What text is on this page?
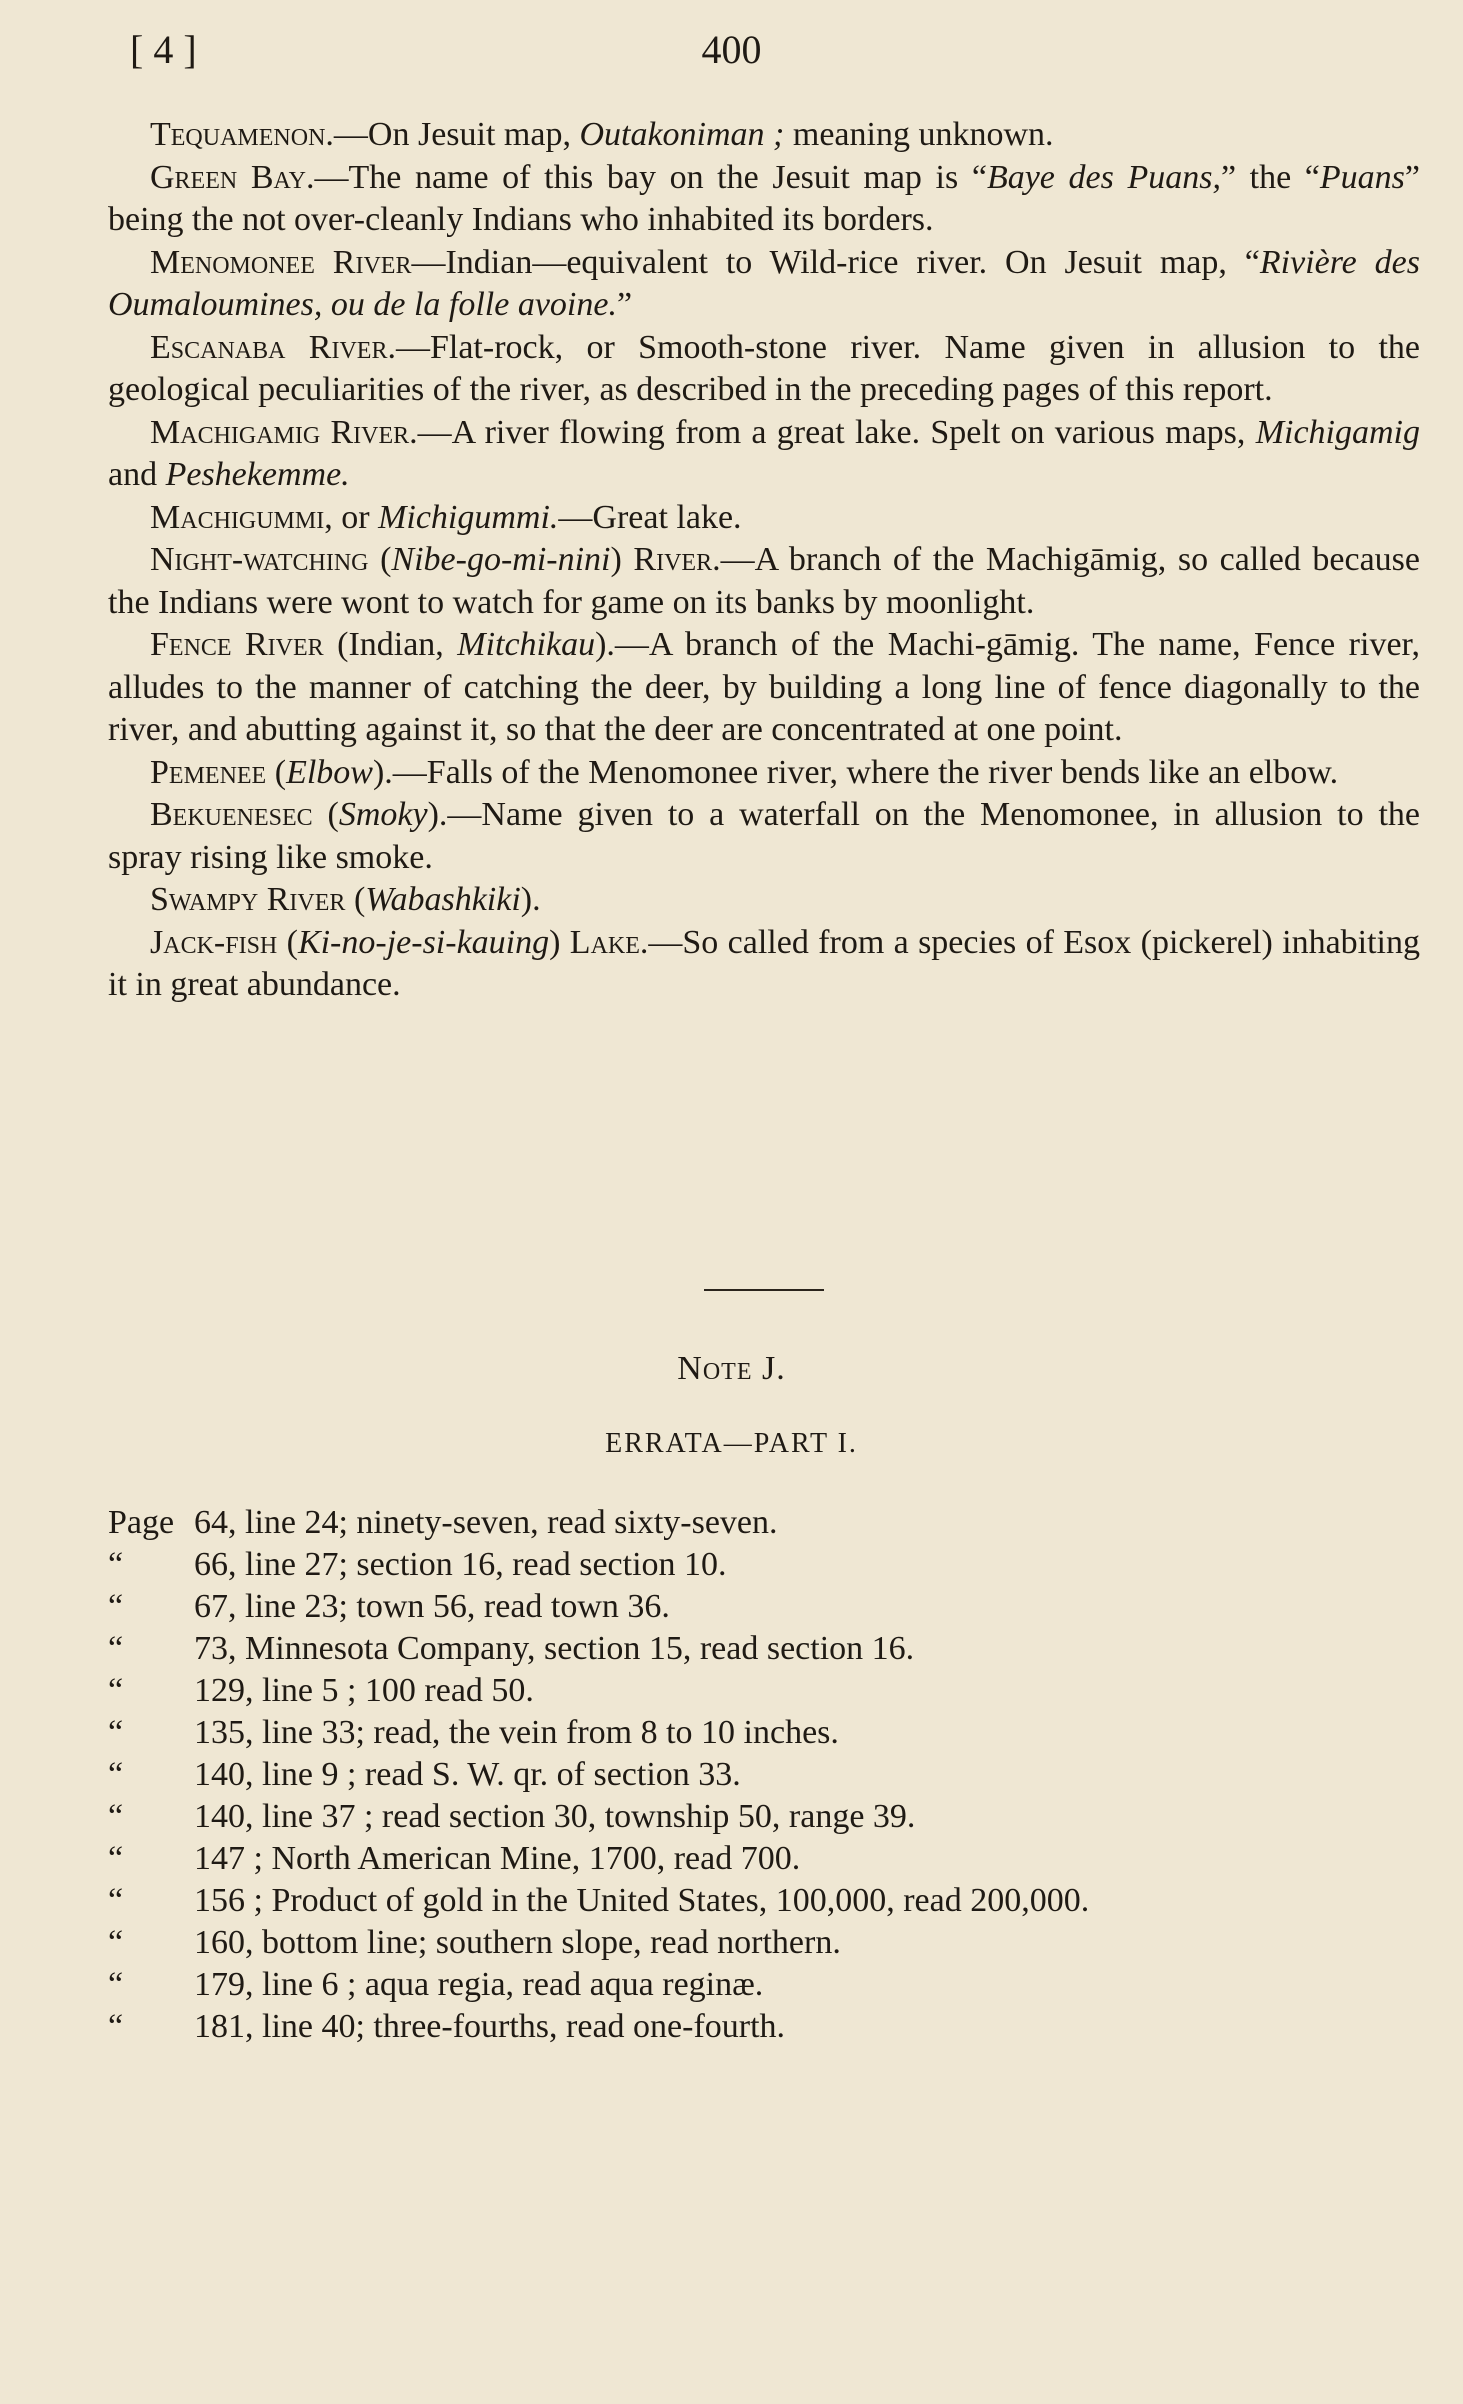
[ 4 ]	400

Tequamenon.—On Jesuit map, Outakoniman ; meaning unknown.

Green Bay.—The name of this bay on the Jesuit map is “Baye des Puans,” the “Puans” being the not over-cleanly Indians who inhabited its borders.

Menomonee River—Indian—equivalent to Wild-rice river. On Jesuit map, “Rivière des Oumaloumines, ou de la folle avoine.”

Escanaba River.—Flat-rock, or Smooth-stone river. Name given in allusion to the geological peculiarities of the river, as described in the preceding pages of this report.

Machigamig River.—A river flowing from a great lake. Spelt on various maps, Michigamig and Peshekemme.

Machigummi, or Michigummi.—Great lake.

Night-watching (Nibe-go-mi-nini) River.—A branch of the Machigāmig, so called because the Indians were wont to watch for game on its banks by moonlight.

Fence River (Indian, Mitchikau).—A branch of the Machi-gāmig. The name, Fence river, alludes to the manner of catching the deer, by building a long line of fence diagonally to the river, and abutting against it, so that the deer are concentrated at one point.

Pemenee (Elbow).—Falls of the Menomonee river, where the river bends like an elbow.

Bekuenesec (Smoky).—Name given to a waterfall on the Menomonee, in allusion to the spray rising like smoke.

Swampy River (Wabashkiki).

Jack-fish (Ki-no-je-si-kauing) Lake.—So called from a species of Esox (pickerel) inhabiting it in great abundance.

Note J.
ERRATA—PART I.
Page 64, line 24; ninety-seven, read sixty-seven.
“	66, line 27; section 16, read section 10.
“	67, line 23; town 56, read town 36.
“	73, Minnesota Company, section 15, read section 16.
“	129, line 5 ; 100 read 50.
“	135, line 33; read, the vein from 8 to 10 inches.
“	140, line 9 ; read S. W. qr. of section 33.
“	140, line 37 ; read section 30, township 50, range 39.
“	147 ; North American Mine, 1700, read 700.
“	156 ; Product of gold in the United States, 100,000, read 200,000.
“	160, bottom line; southern slope, read northern.
“	179, line 6 ; aqua regia, read aqua reginæ.
“	181, line 40; three-fourths, read one-fourth.
